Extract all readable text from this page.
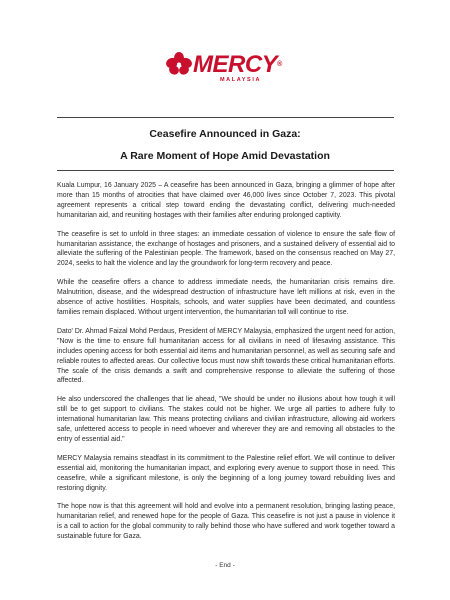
MERCY®
MALAYSIA
Ceasefire Announced in Gaza:
A Rare Moment of Hope Amid Devastation

Kuala Lumpur, 16 January 2025 – A ceasefire has been announced in Gaza, bringing a glimmer of hope after more than 15 months of atrocities that have claimed over 46,000 lives since October 7, 2023. This pivotal agreement represents a critical step toward ending the devastating conflict, delivering much-needed humanitarian aid, and reuniting hostages with their families after enduring prolonged captivity.

The ceasefire is set to unfold in three stages: an immediate cessation of violence to ensure the safe flow of humanitarian assistance, the exchange of hostages and prisoners, and a sustained delivery of essential aid to alleviate the suffering of the Palestinian people. The framework, based on the consensus reached on May 27, 2024, seeks to halt the violence and lay the groundwork for long-term recovery and peace.

While the ceasefire offers a chance to address immediate needs, the humanitarian crisis remains dire. Malnutrition, disease, and the widespread destruction of infrastructure have left millions at risk, even in the absence of active hostilities. Hospitals, schools, and water supplies have been decimated, and countless families remain displaced. Without urgent intervention, the humanitarian toll will continue to rise.

Dato' Dr. Ahmad Faizal Mohd Perdaus, President of MERCY Malaysia, emphasized the urgent need for action, "Now is the time to ensure full humanitarian access for all civilians in need of lifesaving assistance. This includes opening access for both essential aid items and humanitarian personnel, as well as securing safe and reliable routes to affected areas. Our collective focus must now shift towards these critical humanitarian efforts. The scale of the crisis demands a swift and comprehensive response to alleviate the suffering of those affected.

He also underscored the challenges that lie ahead, "We should be under no illusions about how tough it will still be to get support to civilians. The stakes could not be higher. We urge all parties to adhere fully to international humanitarian law. This means protecting civilians and civilian infrastructure, allowing aid workers safe, unfettered access to people in need whoever and wherever they are and removing all obstacles to the entry of essential aid."

MERCY Malaysia remains steadfast in its commitment to the Palestine relief effort. We will continue to deliver essential aid, monitoring the humanitarian impact, and exploring every avenue to support those in need. This ceasefire, while a significant milestone, is only the beginning of a long journey toward rebuilding lives and restoring dignity.

The hope now is that this agreement will hold and evolve into a permanent resolution, bringing lasting peace, humanitarian relief, and renewed hope for the people of Gaza. This ceasefire is not just a pause in violence it is a call to action for the global community to rally behind those who have suffered and work together toward a sustainable future for Gaza.

- End -
